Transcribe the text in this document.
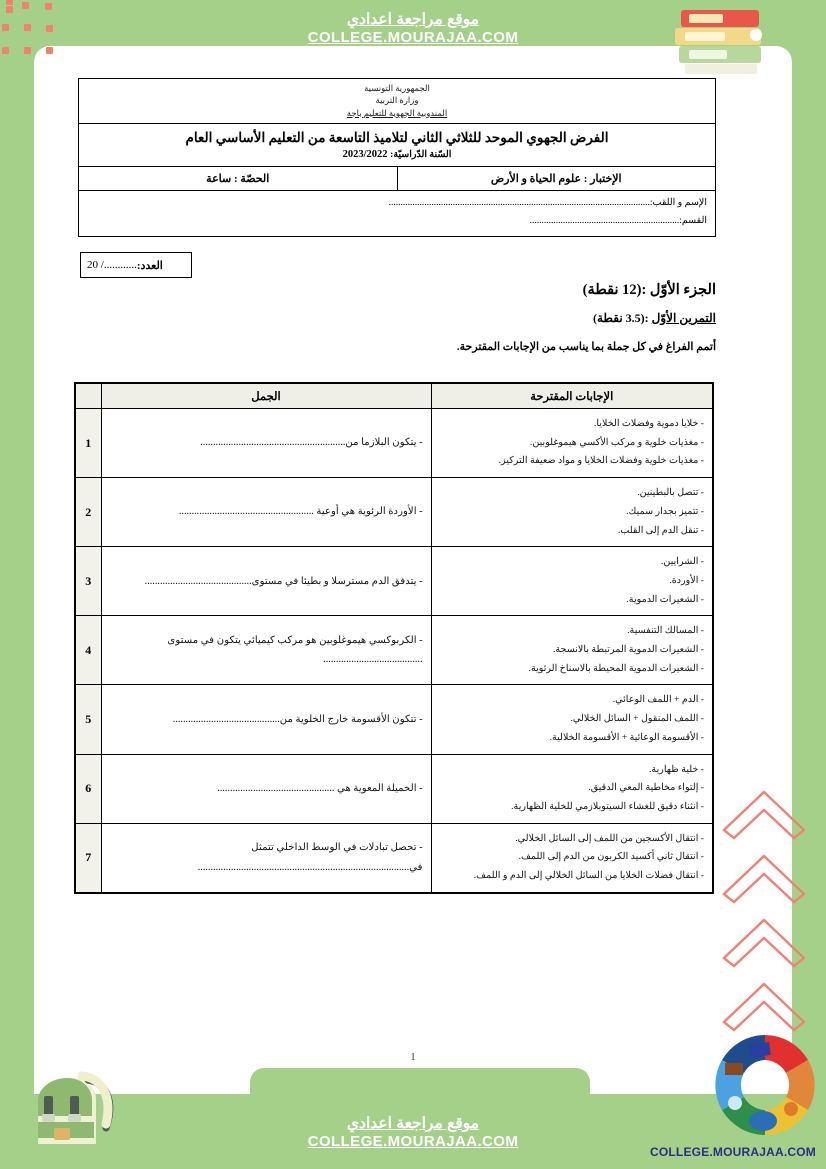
موقع مراجعة اعدادي
COLLEGE.MOURAJAA.COM
الجمهورية التونسية
وزارة التربية
المندوبية الجهوية للتعليم باجة

الفرض الجهوي الموحد للثلاثي الثاني لتلاميذ التاسعة من التعليم الأساسي العام
السّنة الدّراسيّة: 2023/2022

الإختبار : علوم الحياة و الأرض	الحصّة : ساعة

الإسم و اللقب:..............................................................................................................
القسم:...............................................................
العدد:
............
/ 20
الجزء الأوّل :(12 نقطة)
التمرين الأوّل :(3.5 نقطة)
أتمم الفراغ في كل جملة بما يناسب من الإجابات المقترحة.
الإجابات المقترحة	الجمل	

- خلايا دموية وفضلات الخلايا.
- مغذيات خلوية و مركب الأكسي هيموغلوبين.
- مغذيات خلوية وفضلات الخلايا و مواد ضعيفة التركيز.	- يتكون البلازما من.........................................................	1

- تتصل بالبطينين.
- تتميز بجدار سميك.
- تنقل الدم إلى القلب.	- الأوردة الرئوية هي أوعية .....................................................	2

- الشرايين.
- الأوردة.
- الشعيرات الدموية.	- يتدفق الدم مسترسلا و بطيئا في مستوى..........................................	3

- المسالك التنفسية.
- الشعيرات الدموية المرتبطة بالانسجة.
- الشعيرات الدموية المحيطة بالاسناخ الرئوية.	- الكربوكسي هيموغلوبين هو مركب كيميائي يتكون في مستوى .......................................	4

- الدم + اللمف الوعائي.
- اللمف المنقول + السائل الخلالي.
- الأقسومة الوعائية + الأقسومة الخلالية.	- تتكون الأقسومة خارج الخلوية من..........................................	5

- خلية ظهارية.
- إلتواء مخاطية المعي الدقيق.
- انثناء دقيق للغشاء السيتوبلازمي للخلية الظهارية.	- الخميلة المعوية هي ..............................................	6

- انتقال الأكسجين من اللمف إلى السائل الخلالي.
- انتقال ثاني أكسيد الكربون من الدم إلى اللمف.
- انتقال فضلات الخلايا من السائل الخلالي إلى الدم و اللمف.	- تحصل تبادلات في الوسط الداخلي تتمثل في...................................................................................	7
1
موقع مراجعة اعدادي
COLLEGE.MOURAJAA.COM
COLLEGE.MOURAJAA.COM
